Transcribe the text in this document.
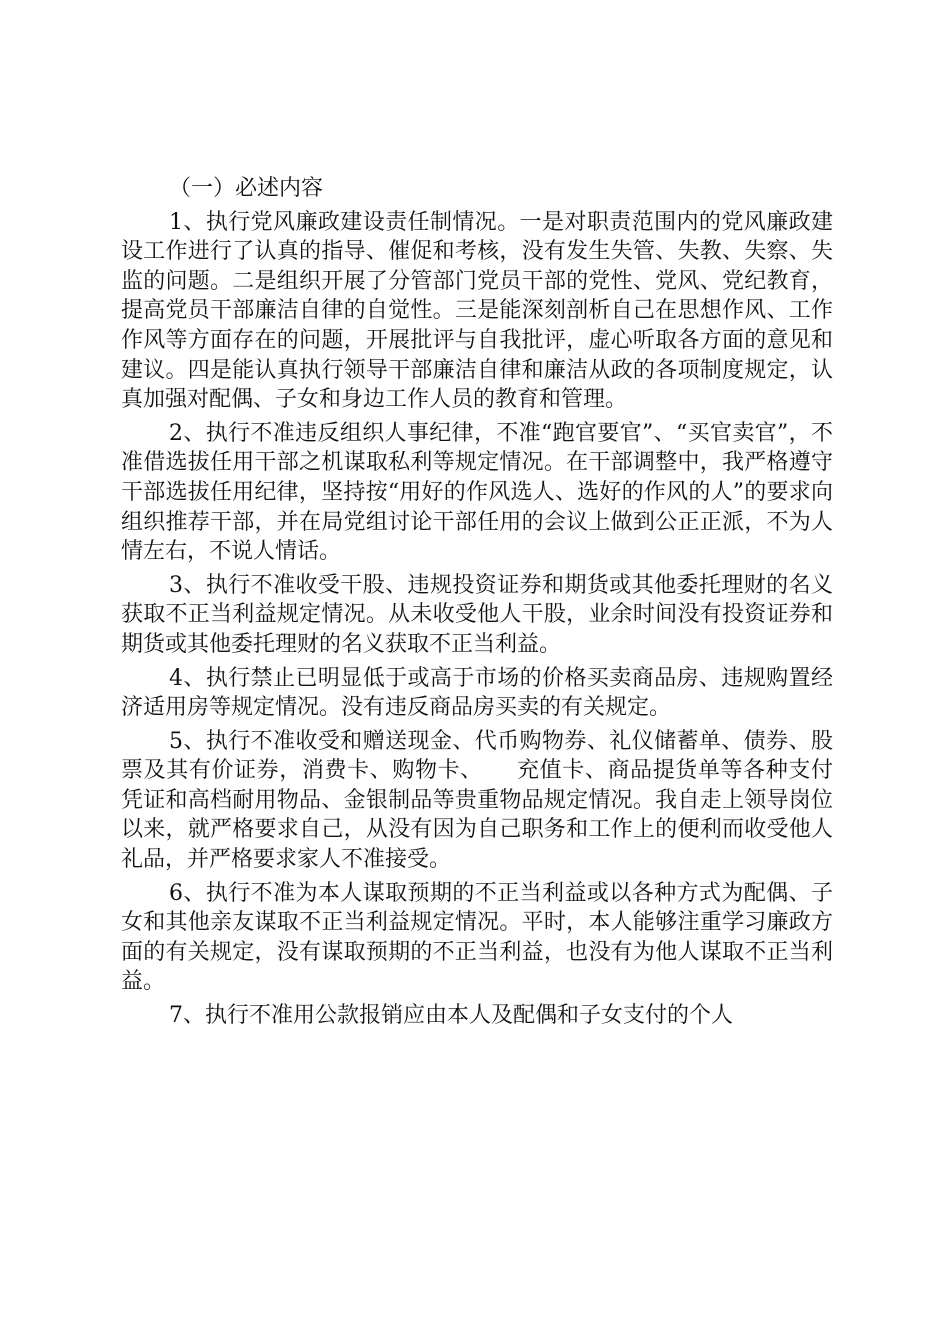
（一）必述内容

1、执行党风廉政建设责任制情况。一是对职责范围内的党风廉政建设工作进行了认真的指导、催促和考核，没有发生失管、失教、失察、失监的问题。二是组织开展了分管部门党员干部的党性、党风、党纪教育，提高党员干部廉洁自律的自觉性。三是能深刻剖析自己在思想作风、工作作风等方面存在的问题，开展批评与自我批评，虚心听取各方面的意见和建议。四是能认真执行领导干部廉洁自律和廉洁从政的各项制度规定，认真加强对配偶、子女和身边工作人员的教育和管理。

2、执行不准违反组织人事纪律，不准“跑官要官”、“买官卖官”，不准借选拔任用干部之机谋取私利等规定情况。在干部调整中，我严格遵守干部选拔任用纪律，坚持按“用好的作风选人、选好的作风的人”的要求向组织推荐干部，并在局党组讨论干部任用的会议上做到公正正派，不为人情左右，不说人情话。

3、执行不准收受干股、违规投资证券和期货或其他委托理财的名义获取不正当利益规定情况。从未收受他人干股，业余时间没有投资证券和期货或其他委托理财的名义获取不正当利益。

4、执行禁止已明显低于或高于市场的价格买卖商品房、违规购置经济适用房等规定情况。没有违反商品房买卖的有关规定。

5、执行不准收受和赠送现金、代币购物券、礼仪储蓄单、债券、股票及其有价证券，消费卡、购物卡、　　充值卡、商品提货单等各种支付凭证和高档耐用物品、金银制品等贵重物品规定情况。我自走上领导岗位以来，就严格要求自己，从没有因为自己职务和工作上的便利而收受他人礼品，并严格要求家人不准接受。

6、执行不准为本人谋取预期的不正当利益或以各种方式为配偶、子女和其他亲友谋取不正当利益规定情况。平时，本人能够注重学习廉政方面的有关规定，没有谋取预期的不正当利益，也没有为他人谋取不正当利益。

7、执行不准用公款报销应由本人及配偶和子女支付的个人
